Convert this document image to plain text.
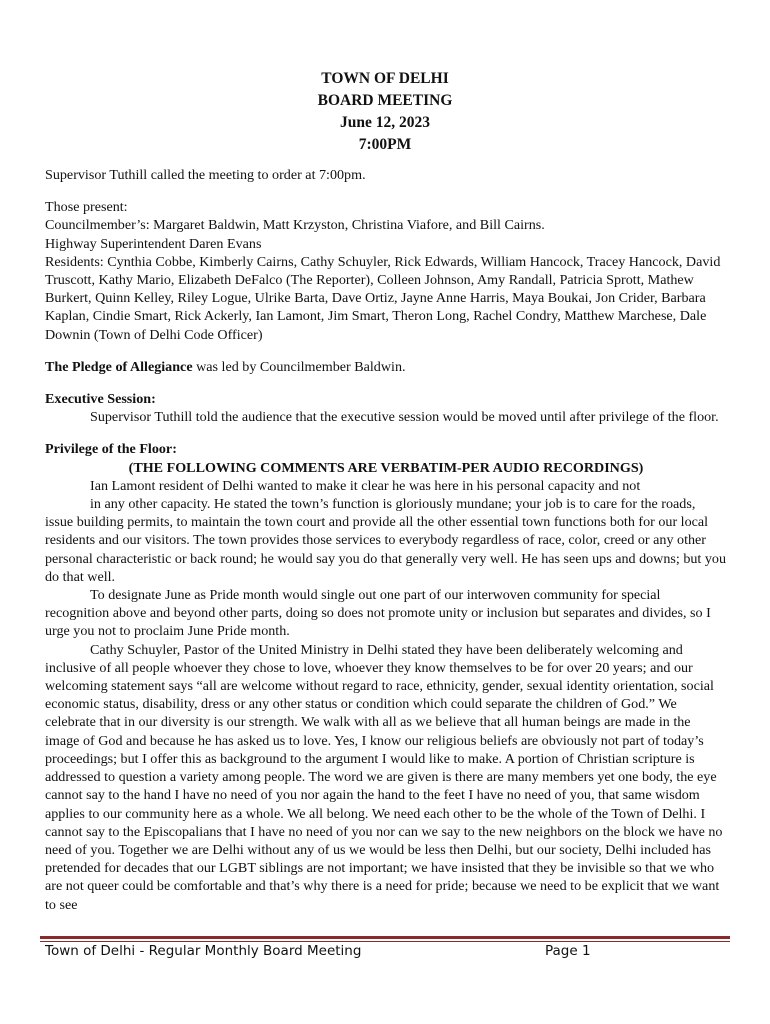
TOWN OF DELHI
BOARD MEETING
June 12, 2023
7:00PM

Supervisor Tuthill called the meeting to order at 7:00pm.

Those present:

Councilmember’s: Margaret Baldwin, Matt Krzyston, Christina Viafore, and Bill Cairns.

Highway Superintendent Daren Evans

Residents: Cynthia Cobbe, Kimberly Cairns, Cathy Schuyler, Rick Edwards, William Hancock, Tracey Hancock, David Truscott, Kathy Mario, Elizabeth DeFalco (The Reporter), Colleen Johnson, Amy Randall, Patricia Sprott, Mathew Burkert, Quinn Kelley, Riley Logue, Ulrike Barta, Dave Ortiz, Jayne Anne Harris, Maya Boukai, Jon Crider, Barbara Kaplan, Cindie Smart, Rick Ackerly, Ian Lamont, Jim Smart, Theron Long, Rachel Condry, Matthew Marchese, Dale Downin (Town of Delhi Code Officer)

The Pledge of Allegiance was led by Councilmember Baldwin.

Executive Session:

Supervisor Tuthill told the audience that the executive session would be moved until after privilege of the floor.

Privilege of the Floor:

(THE FOLLOWING COMMENTS ARE VERBATIM-PER AUDIO RECORDINGS)

Ian Lamont resident of Delhi wanted to make it clear he was here in his personal capacity and not

in any other capacity. He stated the town’s function is gloriously mundane; your job is to care for the roads, issue building permits, to maintain the town court and provide all the other essential town functions both for our local residents and our visitors. The town provides those services to everybody regardless of race, color, creed or any other personal characteristic or back round; he would say you do that generally very well. He has seen ups and downs; but you do that well.

To designate June as Pride month would single out one part of our interwoven community for special recognition above and beyond other parts, doing so does not promote unity or inclusion but separates and divides, so I urge you not to proclaim June Pride month.

Cathy Schuyler, Pastor of the United Ministry in Delhi stated they have been deliberately welcoming and inclusive of all people whoever they chose to love, whoever they know themselves to be for over 20 years; and our welcoming statement says “all are welcome without regard to race, ethnicity, gender, sexual identity orientation, social economic status, disability, dress or any other status or condition which could separate the children of God.” We celebrate that in our diversity is our strength. We walk with all as we believe that all human beings are made in the image of God and because he has asked us to love. Yes, I know our religious beliefs are obviously not part of today’s proceedings; but I offer this as background to the argument I would like to make. A portion of Christian scripture is addressed to question a variety among people. The word we are given is there are many members yet one body, the eye cannot say to the hand I have no need of you nor again the hand to the feet I have no need of you, that same wisdom applies to our community here as a whole. We all belong. We need each other to be the whole of the Town of Delhi. I cannot say to the Episcopalians that I have no need of you nor can we say to the new neighbors on the block we have no need of you. Together we are Delhi without any of us we would be less then Delhi, but our society, Delhi included has pretended for decades that our LGBT siblings are not important; we have insisted that they be invisible so that we who are not queer could be comfortable and that’s why there is a need for pride; because we need to be explicit that we want to see

Town of Delhi - Regular Monthly Board Meeting	Page 1
